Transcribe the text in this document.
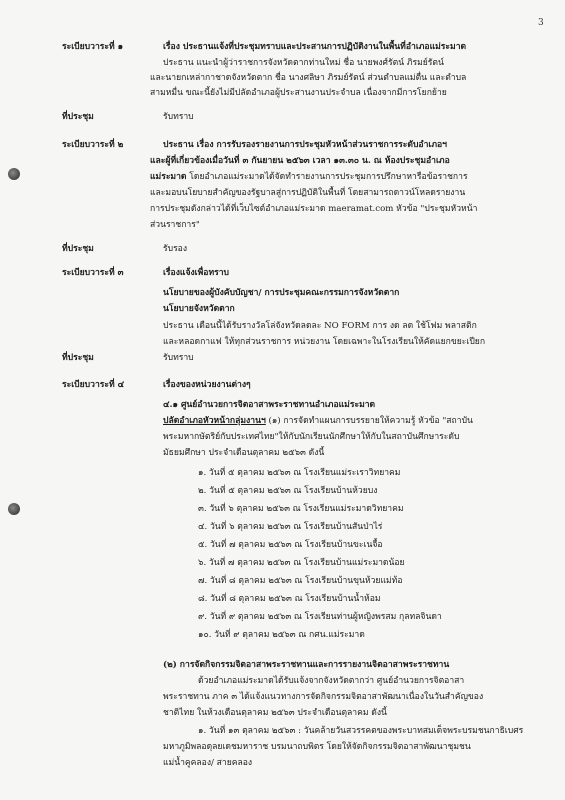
3
ระเบียบวาระที่ ๑	เรื่อง ประธานแจ้งที่ประชุมทราบและประสานการปฏิบัติงานในพื้นที่อำเภอแม่ระมาด
ประธาน แนะนำผู้ว่าราชการจังหวัดตากท่านใหม่ ชื่อ นายพงศ์รัตน์ ภิรมย์รัตน์
และนายกเหล่ากาชาดจังหวัดตาก ชื่อ นางศลิษา ภิรมย์รัตน์ ส่วนตำบลแม่ตื่น และตำบล
สามหมื่น ขณะนี้ยังไม่มีปลัดอำเภอผู้ประสานงานประจำบล เนื่องจากมีการโยกย้าย
ที่ประชุม	รับทราบ
ระเบียบวาระที่ ๒	ประธาน เรื่อง การรับรองรายงานการประชุมหัวหน้าส่วนราชการระดับอำเภอฯ
และผู้ที่เกี่ยวข้องเมื่อวันที่ ๓ กันยายน ๒๕๖๓ เวลา ๑๓.๓๐ น. ณ ห้องประชุมอำเภอ
แม่ระมาด โดยอำเภอแม่ระมาดได้จัดทำรายงานการประชุมการปรึกษาหารือข้อราชการ
และมอบนโยบายสำคัญของรัฐบาลสู่การปฏิบัติในพื้นที่ โดยสามารถดาวน์โหลดรายงาน
การประชุมดังกล่าวได้ที่เว็บไซต์อำเภอแม่ระมาด maeramat.com หัวข้อ "ประชุมหัวหน้า
ส่วนราชการ"
ที่ประชุม	รับรอง
ระเบียบวาระที่ ๓	เรื่องแจ้งเพื่อทราบ
นโยบายของผู้บังคับบัญชา/ การประชุมคณะกรรมการจังหวัดตาก
นโยบายจังหวัดตาก
ประธาน เดือนนี้ได้รับรางวัลโล่จังหวัดลดละ NO FORM การ งด ลด ใช้โฟม พลาสติก
และหลอดกาแฟ ให้ทุกส่วนราชการ หน่วยงาน โดยเฉพาะในโรงเรียนให้คัดแยกขยะเปียก
ที่ประชุม	รับทราบ
ระเบียบวาระที่ ๔	เรื่องของหน่วยงานต่างๆ
๔.๑ ศูนย์อำนวยการจิตอาสาพระราชทานอำเภอแม่ระมาด
ปลัดอำเภอหัวหน้ากลุ่มงานฯ (๑) การจัดทำแผนการบรรยายให้ความรู้ หัวข้อ "สถาบัน
พระมหากษัตริย์กับประเทศไทย"ให้กับนักเรียนนักศึกษาให้กับในสถาบันศึกษาระดับ
มัธยมศึกษา ประจำเดือนตุลาคม ๒๕๖๓ ดังนี้
๑. วันที่ ๕ ตุลาคม ๒๕๖๓ ณ โรงเรียนแม่ระเราวิทยาคม
๒. วันที่ ๕ ตุลาคม ๒๕๖๓ ณ โรงเรียนบ้านห้วยบง
๓. วันที่ ๖ ตุลาคม ๒๕๖๓ ณ โรงเรียนแม่ระมาดวิทยาคม
๔. วันที่ ๖ ตุลาคม ๒๕๖๓ ณ โรงเรียนบ้านสันป่าไร่
๕. วันที่ ๗ ตุลาคม ๒๕๖๓ ณ โรงเรียนบ้านขะเนจื้อ
๖. วันที่ ๗ ตุลาคม ๒๕๖๓ ณ โรงเรียนบ้านแม่ระมาดน้อย
๗. วันที่ ๘ ตุลาคม ๒๕๖๓ ณ โรงเรียนบ้านขุนห้วยแม่ท้อ
๘. วันที่ ๘ ตุลาคม ๒๕๖๓ ณ โรงเรียนบ้านน้ำห้อม
๙. วันที่ ๙ ตุลาคม ๒๕๖๓ ณ โรงเรียนท่านผู้หญิงพรสม กุลทลจินดา
๑๐. วันที่ ๙ ตุลาคม ๒๕๖๓ ณ กศน.แม่ระมาด
(๒) การจัดกิจกรรมจิตอาสาพระราชทานและการรายงานจิตอาสาพระราชทาน
ด้วยอำเภอแม่ระมาดได้รับแจ้งจากจังหวัดตากว่า ศูนย์อำนวยการจิตอาสา
พระราชทาน ภาค ๓ ได้แจ้งแนวทางการจัดกิจกรรมจิตอาสาพัฒนาเนื่องในวันสำคัญของ
ชาติไทย ในห้วงเดือนตุลาคม ๒๕๖๓ ประจำเดือนตุลาคม ดังนี้
๑. วันที่ ๑๓ ตุลาคม ๒๕๖๓ : วันคล้ายวันสวรรคตของพระบาทสมเด็จพระบรมชนกาธิเบศร
มหาภูมิพลอดุลยเดชมหาราช บรมนาถบพิตร โดยให้จัดกิจกรรมจิตอาสาพัฒนาชุมชน
แม่น้ำคูคลอง/ สายคลอง
